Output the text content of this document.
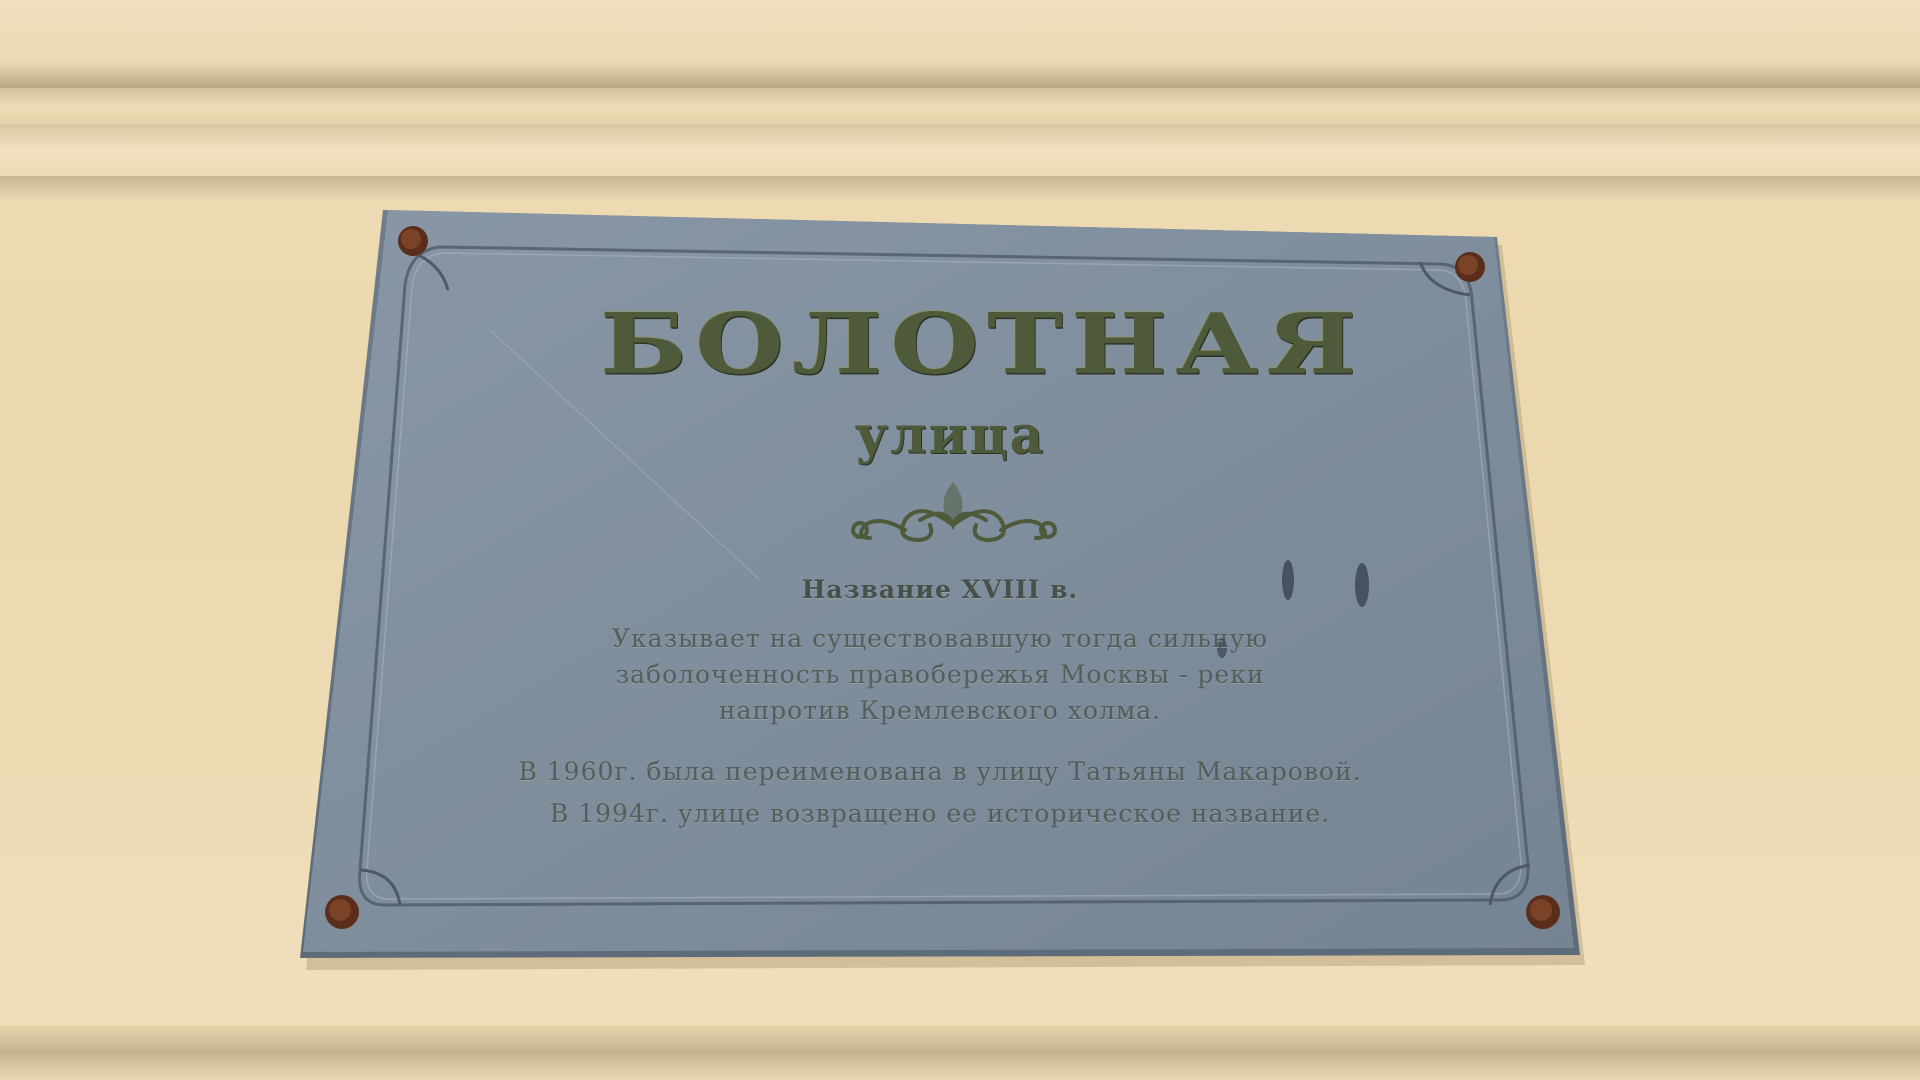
БОЛОТНАЯ
улица
Название XVIII в.
Указывает на существовавшую тогда сильную
заболоченность правобережья Москвы - реки
напротив Кремлевского холма.
В 1960г. была переименована в улицу Татьяны Макаровой.
В 1994г. улице возвращено ее историческое название.
